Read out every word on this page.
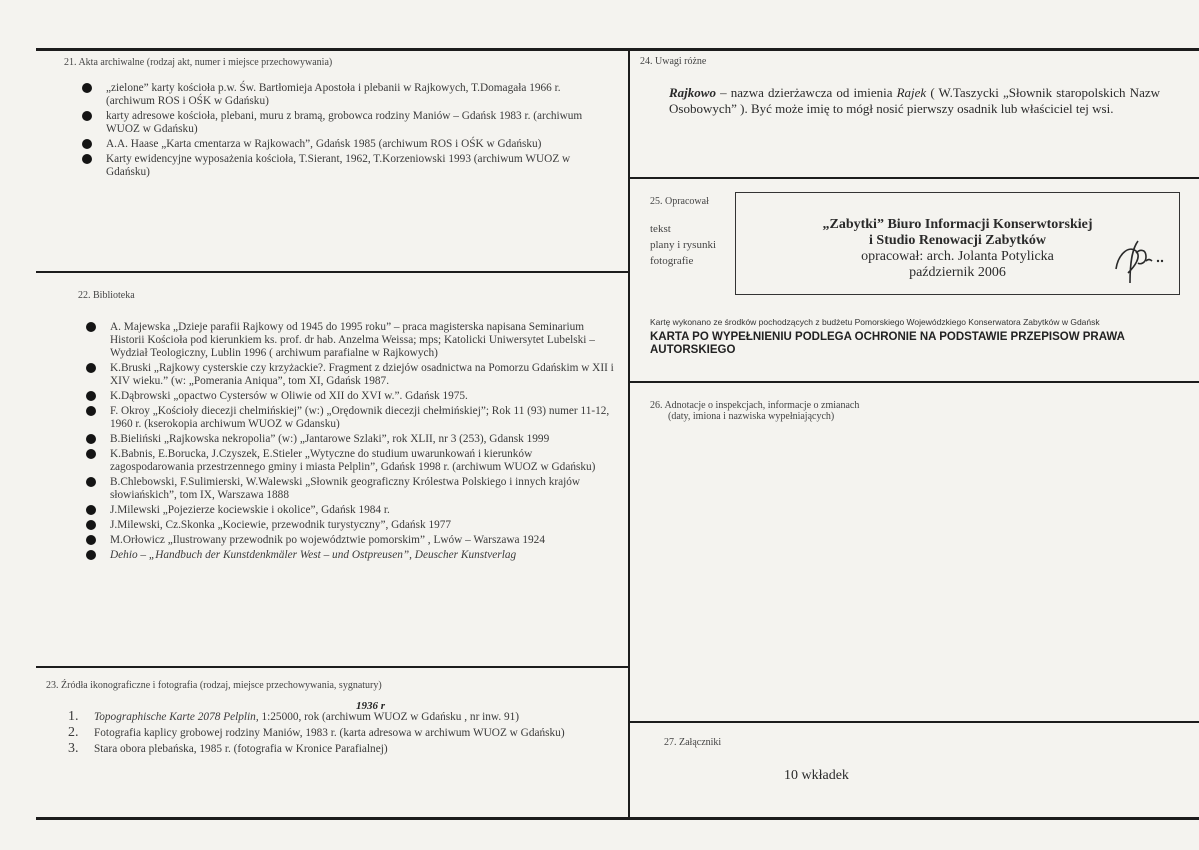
21. Akta archiwalne (rodzaj akt, numer i miejsce przechowywania)
„zielone” karty kościoła p.w. Św. Bartłomieja Apostoła i plebanii w Rajkowych, T.Domagała 1966 r. (archiwum ROS i OŚK w Gdańsku)
karty adresowe kościoła, plebani, muru z bramą, grobowca rodziny Maniów – Gdańsk 1983 r. (archiwum WUOZ w Gdańsku)
A.A. Haase „Karta cmentarza w Rajkowach”, Gdańsk 1985 (archiwum ROS i OŚK w Gdańsku)
Karty ewidencyjne wyposażenia kościoła, T.Sierant, 1962, T.Korzeniowski 1993 (archiwum WUOZ w Gdańsku)
22. Biblioteka
A. Majewska „Dzieje parafii Rajkowy od 1945 do 1995 roku” – praca magisterska napisana Seminarium Historii Kościoła pod kierunkiem ks. prof. dr hab. Anzelma Weissa; mps; Katolicki Uniwersytet Lubelski – Wydział Teologiczny, Lublin 1996 ( archiwum parafialne w Rajkowych)
K.Bruski „Rajkowy cysterskie czy krzyżackie?. Fragment z dziejów osadnictwa na Pomorzu Gdańskim w XII i XIV wieku.” (w: „Pomerania Aniqua”, tom XI, Gdańsk 1987.
K.Dąbrowski „opactwo Cystersów w Oliwie od XII do XVI w.”. Gdańsk 1975.
F. Okroy „Kościoły diecezji chelmińskiej” (w:) „Orędownik diecezji chełmińskiej”; Rok 11 (93) numer 11-12, 1960 r. (kserokopia archiwum WUOZ w Gdansku)
B.Bieliński „Rajkowska nekropolia” (w:) „Jantarowe Szlaki”, rok XLII, nr 3 (253), Gdansk 1999
K.Babnis, E.Borucka, J.Czyszek, E.Stieler „Wytyczne do studium uwarunkowań i kierunków zagospodarowania przestrzennego gminy i miasta Pelplin”, Gdańsk 1998 r. (archiwum WUOZ w Gdańsku)
B.Chlebowski, F.Sulimierski, W.Walewski „Słownik geograficzny Królestwa Polskiego i innych krajów słowiańskich”, tom IX, Warszawa 1888
J.Milewski „Pojezierze kociewskie i okolice”, Gdańsk 1984 r.
J.Milewski, Cz.Skonka „Kociewie, przewodnik turystyczny”, Gdańsk 1977
M.Orłowicz „Ilustrowany przewodnik po województwie pomorskim” , Lwów – Warszawa 1924
Dehio – „Handbuch der Kunstdenkmäler West – und Ostpreusen”, Deuscher Kunstverlag
23. Źródła ikonograficzne i fotografia (rodzaj, miejsce przechowywania, sygnatury)
1936 r
1. Topographische Karte 2078 Pelplin, 1:25000, rok (archiwum WUOZ w Gdańsku , nr inw. 91)
2. Fotografia kaplicy grobowej rodziny Maniów, 1983 r. (karta adresowa w archiwum WUOZ w Gdańsku)
3. Stara obora plebańska, 1985 r. (fotografia w Kronice Parafialnej)
24. Uwagi różne

Rajkowo – nazwa dzierżawcza od imienia Rajek ( W.Taszycki „Słownik staropolskich Nazw Osobowych” ). Być może imię to mógł nosić pierwszy osadnik lub właściciel tej wsi.

25. Opracował
tekst
plany i rysunki
fotografie
„Zabytki” Biuro Informacji Konserwtorskiej
i Studio Renowacji Zabytków
opracował: arch. Jolanta Potylicka
październik 2006
Kartę wykonano ze środków pochodzących z budżetu Pomorskiego Wojewódzkiego Konserwatora Zabytków w Gdańsk
KARTA PO WYPEŁNIENIU PODLEGA OCHRONIE NA PODSTAWIE PRZEPISÓW PRAWA
AUTORSKIEGO
26. Adnotacje o inspekcjach, informacje o zmianach
(daty, imiona i nazwiska wypełniających)
27. Załączniki
10 wkładek
